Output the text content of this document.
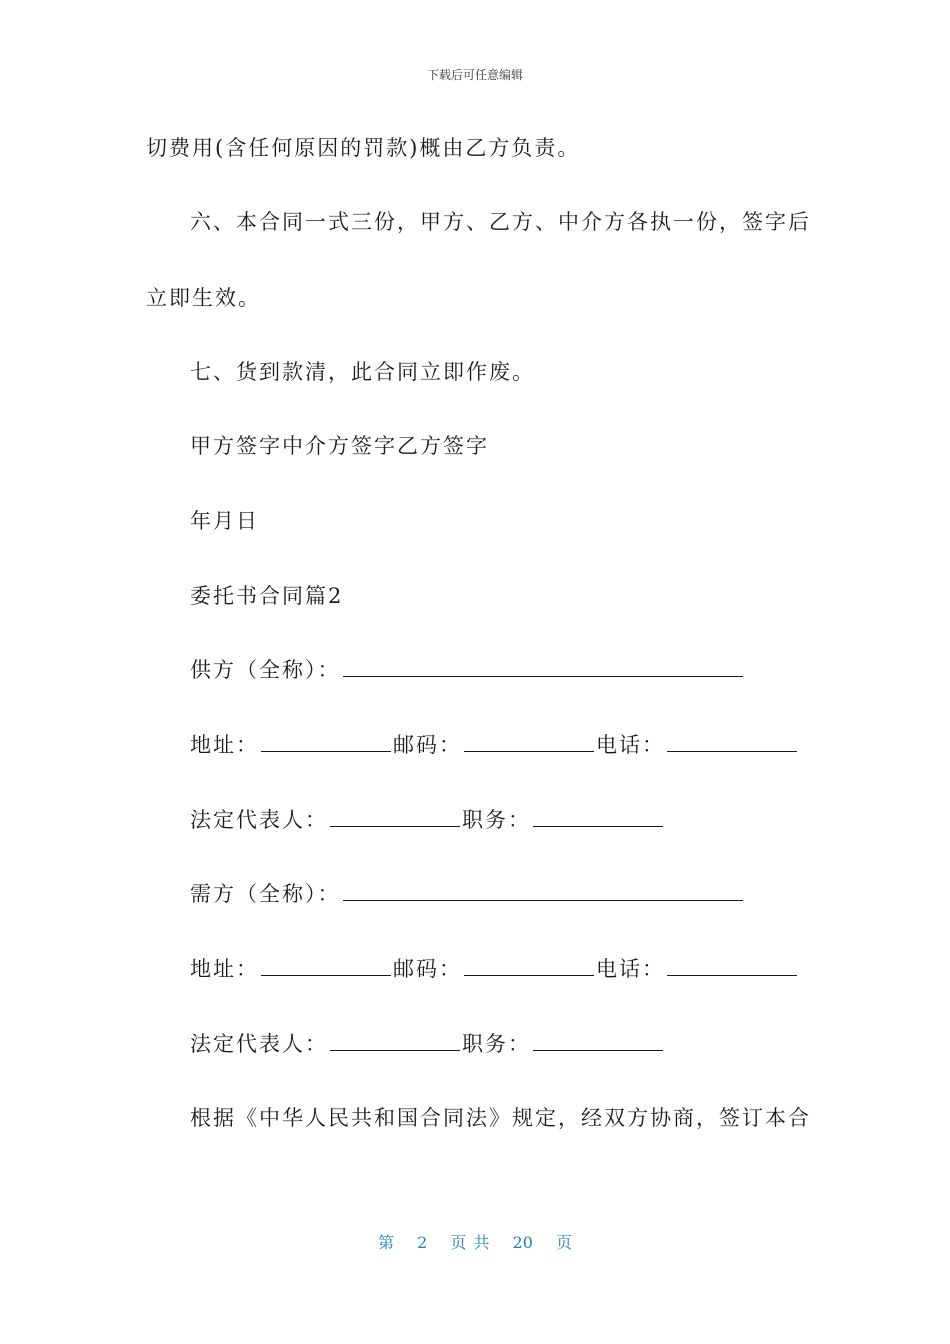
下载后可任意编辑
切费用(含任何原因的罚款)概由乙方负责。
六、本合同一式三份，甲方、乙方、中介方各执一份，签字后
立即生效。
七、货到款清，此合同立即作废。
甲方签字中介方签字乙方签字
年月日
委托书合同篇2
供方（全称）：
地址：	邮码：	电话：
法定代表人：	职务：
需方（全称）：
地址：	邮码：	电话：
法定代表人：	职务：
根据《中华人民共和国合同法》规定，经双方协商，签订本合
第 2 页 共 20 页
